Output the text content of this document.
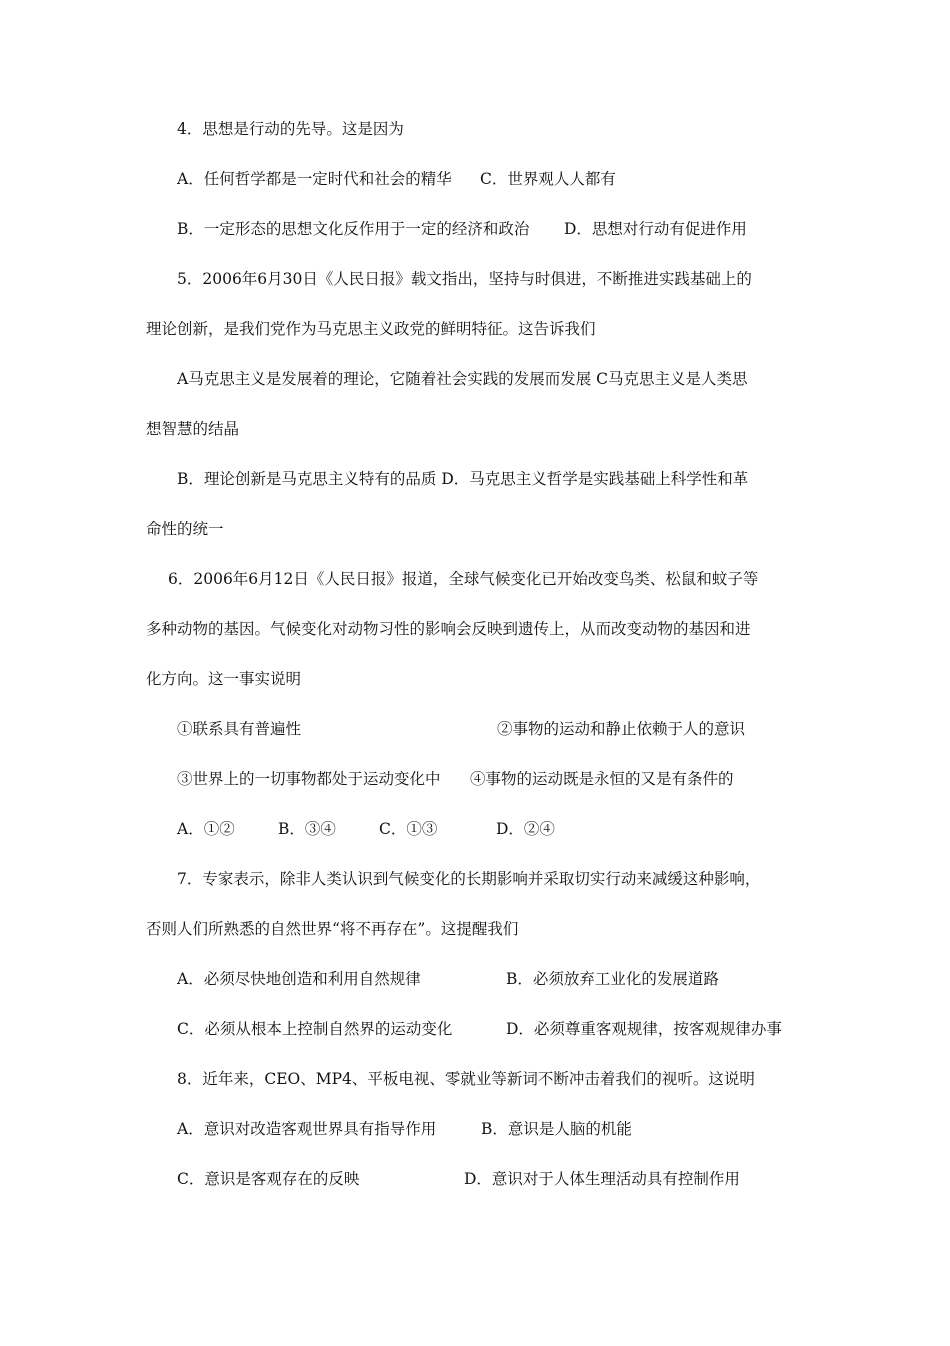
4．思想是行动的先导。这是因为
A．任何哲学都是一定时代和社会的精华 C．世界观人人都有
B．一定形态的思想文化反作用于一定的经济和政治 D．思想对行动有促进作用
5．2006年6月30日《人民日报》载文指出，坚持与时俱进，不断推进实践基础上的
理论创新，是我们党作为马克思主义政党的鲜明特征。这告诉我们
A马克思主义是发展着的理论，它随着社会实践的发展而发展 C马克思主义是人类思
想智慧的结晶
B．理论创新是马克思主义特有的品质 D．马克思主义哲学是实践基础上科学性和革
命性的统一
6．2006年6月12日《人民日报》报道，全球气候变化已开始改变鸟类、松鼠和蚊子等
多种动物的基因。气候变化对动物习性的影响会反映到遗传上，从而改变动物的基因和进
化方向。这一事实说明
①联系具有普遍性	②事物的运动和静止依赖于人的意识
③世界上的一切事物都处于运动变化中 ④事物的运动既是永恒的又是有条件的
A．①②	B．③④	C．①③	D．②④
7．专家表示，除非人类认识到气候变化的长期影响并采取切实行动来减缓这种影响，
否则人们所熟悉的自然世界“将不再存在”。这提醒我们
A．必须尽快地创造和利用自然规律	B．必须放弃工业化的发展道路
C．必须从根本上控制自然界的运动变化	D．必须尊重客观规律，按客观规律办事
8．近年来，CEO、MP4、平板电视、零就业等新词不断冲击着我们的视听。这说明
A．意识对改造客观世界具有指导作用	B．意识是人脑的机能
C．意识是客观存在的反映	D．意识对于人体生理活动具有控制作用
